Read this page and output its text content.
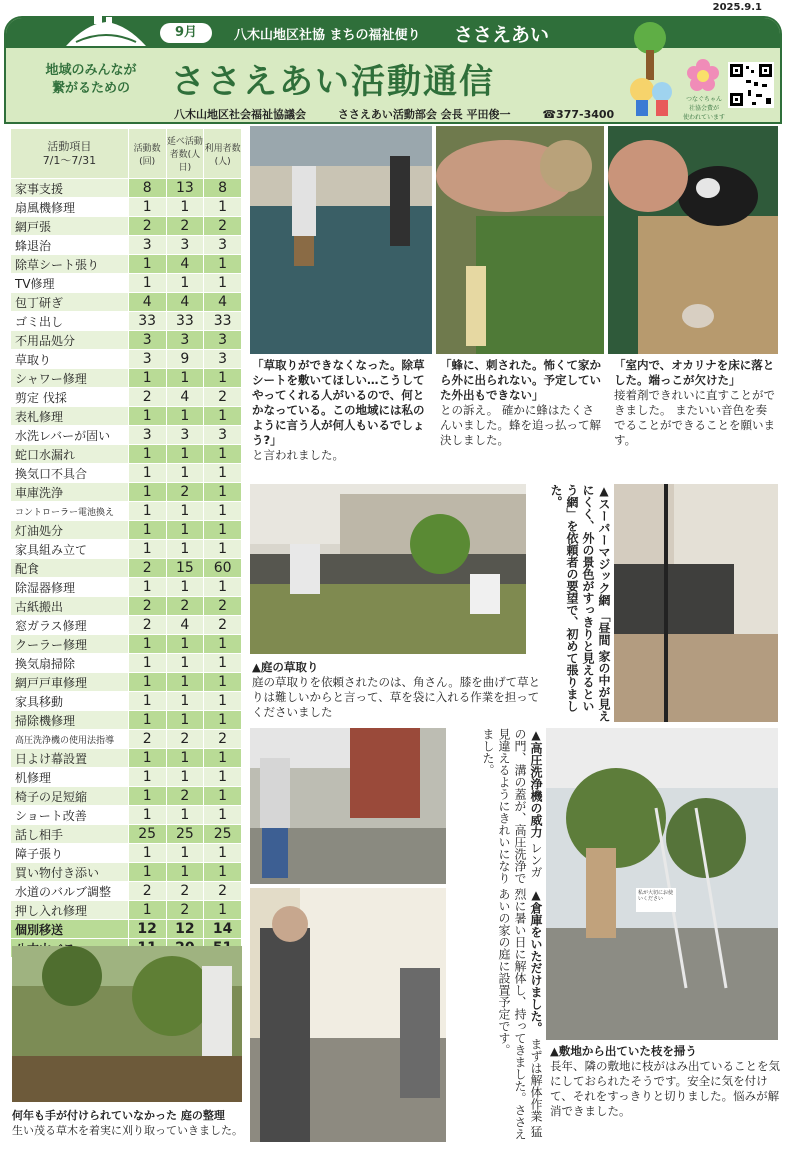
2025.9.1
9月	八木山地区社協 まちの福祉便り ささえあい
地域のみんなが
繋がるための	ささえあい活動通信
八木山地区社会福祉協議会	ささえあい活動部会 会長 平田俊一	☎377-3400
つなぐちゃん
社協会費が
使われています
活動項目
7/1～7/31	活動数(回)	延べ活動者数(人日)	利用者数(人)
家事支援	8	13	8
扇風機修理	1	1	1
網戸張	2	2	2
蜂退治	3	3	3
除草シート張り	1	4	1
TV修理	1	1	1
包丁研ぎ	4	4	4
ゴミ出し	33	33	33
不用品処分	3	3	3
草取り	3	9	3
シャワー修理	1	1	1
剪定 伐採	2	4	2
表札修理	1	1	1
水洗レバーが固い	3	3	3
蛇口水漏れ	1	1	1
換気口不具合	1	1	1
車庫洗浄	1	2	1
コントローラー電池換え	1	1	1
灯油処分	1	1	1
家具組み立て	1	1	1
配食	2	15	60
除湿器修理	1	1	1
古紙搬出	2	2	2
窓ガラス修理	2	4	2
クーラー修理	1	1	1
換気扇掃除	1	1	1
網戸戸車修理	1	1	1
家具移動	1	1	1
掃除機修理	1	1	1
高圧洗浄機の使用法指導	2	2	2
日よけ幕設置	1	1	1
机修理	1	1	1
椅子の足短縮	1	2	1
ショート改善	1	1	1
話し相手	25	25	25
障子張り	1	1	1
買い物付き添い	1	1	1
水道のバルブ調整	2	2	2
押し入れ修理	1	2	1
個別移送	12	12	14

「草取りができなくなった。除草シートを敷いてほしい…こうしてやってくれる人がいるので、何とかなっている。この地域には私のように言う人が何人もいるでしょう?」
と言われました。
「蜂に、刺された。怖くて家から外に出られない。予定していた外出もできない」
との訴え。 確かに蜂はたくさんいました。蜂を追っ払って解決しました。
「室内で、オカリナを床に落とした。端っこが欠けた」
接着剤できれいに直すことができました。 またいい音色を奏でることができることを願います。
▲庭の草取り
庭の草取りを依頼されたのは、角さん。膝を曲げて草とりは難しいからと言って、草を袋に入れる作業を担ってくださいました
▲スーパーマジック網 「昼間 家の中が見えにくく、外の景色がすっきりと見えるという網」を依頼者の要望で、初めて張りました。
▲高圧洗浄機の威力 レンガの門、溝の蓋が、高圧洗浄で見違えるようにきれいになりました。
▲倉庫をいただけました。 まずは解体作業 猛烈に暑い日に解体し、持ってきました。ささえあいの家の庭に設置予定です。	私が大切にお使いください
▲敷地から出ていた枝を掃う
長年、隣の敷地に枝がはみ出ていることを気にしておられたそうです。安全に気を付けて、それをすっきりと切りました。悩みが解消できました。
何年も手が付けられていなかった 庭の整理
生い茂る草木を着実に刈り取っていきました。
